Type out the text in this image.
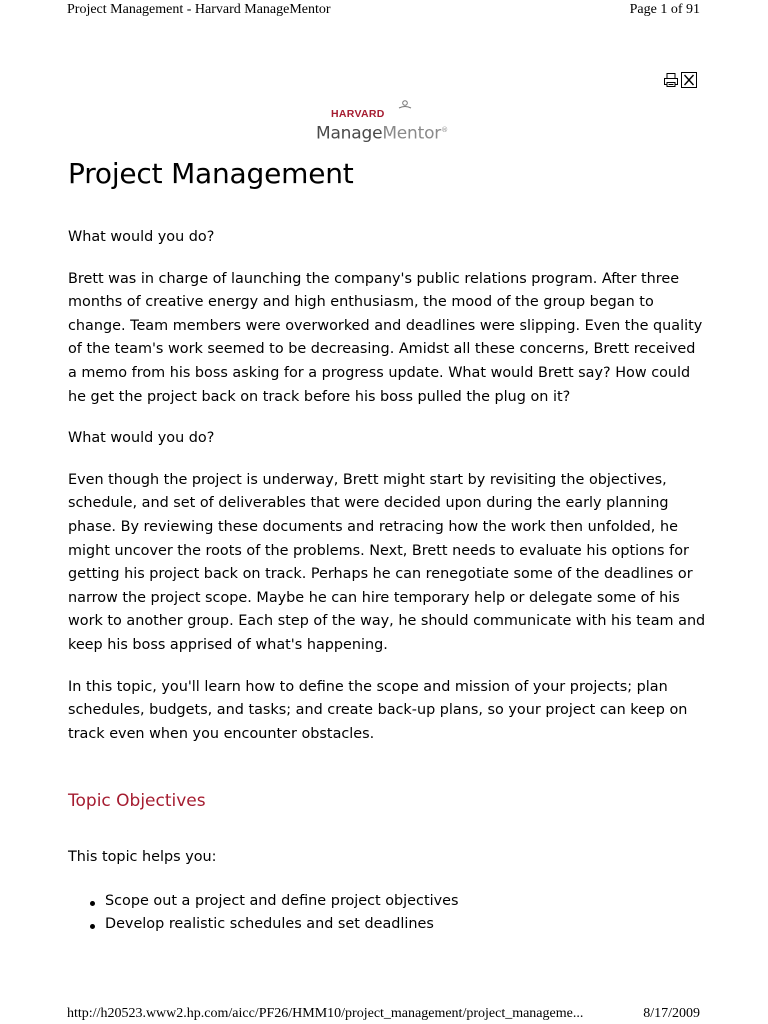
Project Management - Harvard ManageMentor	Page 1 of 91
HARVARD
ManageMentor®
Project Management

What would you do?

Brett was in charge of launching the company's public relations program. After three months of creative energy and high enthusiasm, the mood of the group began to change. Team members were overworked and deadlines were slipping. Even the quality of the team's work seemed to be decreasing. Amidst all these concerns, Brett received a memo from his boss asking for a progress update. What would Brett say? How could he get the project back on track before his boss pulled the plug on it?

What would you do?

Even though the project is underway, Brett might start by revisiting the objectives, schedule, and set of deliverables that were decided upon during the early planning phase. By reviewing these documents and retracing how the work then unfolded, he might uncover the roots of the problems. Next, Brett needs to evaluate his options for getting his project back on track. Perhaps he can renegotiate some of the deadlines or narrow the project scope. Maybe he can hire temporary help or delegate some of his work to another group. Each step of the way, he should communicate with his team and keep his boss apprised of what's happening.

In this topic, you'll learn how to define the scope and mission of your projects; plan schedules, budgets, and tasks; and create back-up plans, so your project can keep on track even when you encounter obstacles.

Topic Objectives

This topic helps you:

Scope out a project and define project objectives
Develop realistic schedules and set deadlines
http://h20523.www2.hp.com/aicc/PF26/HMM10/project_management/project_manageme...	8/17/2009
